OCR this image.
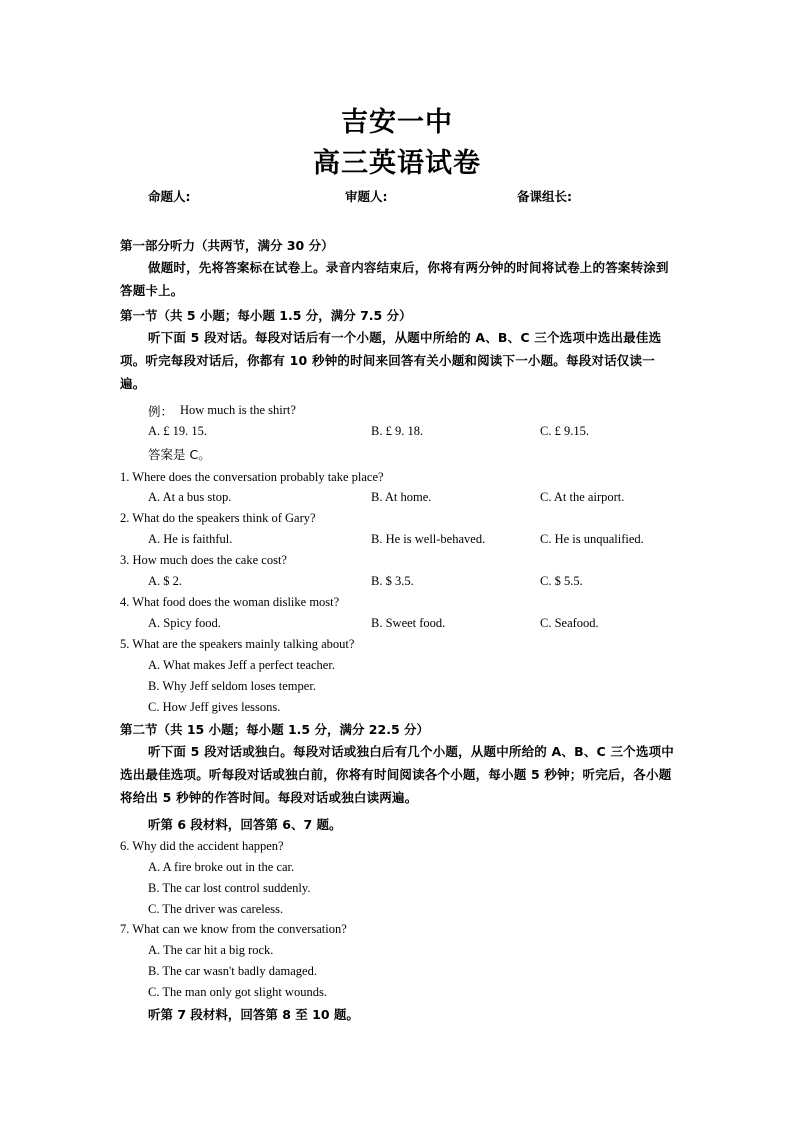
吉安一中
高三英语试卷
命题人:	审题人:	备课组长:
第一部分听力（共两节，满分 30 分）
做题时，先将答案标在试卷上。录音内容结束后，你将有两分钟的时间将试卷上的答案转涂到答题卡上。
第一节（共 5 小题；每小题 1.5 分，满分 7.5 分）
听下面 5 段对话。每段对话后有一个小题，从题中所给的 A、B、C 三个选项中选出最佳选项。听完每段对话后，你都有 10 秒钟的时间来回答有关小题和阅读下一小题。每段对话仅读一遍。
例： How much is the shirt?
A. £ 19. 15.	B. £ 9. 18.	C. £ 9.15.
答案是 C。
1. Where does the conversation probably take place?
A. At a bus stop.	B. At home.	C. At the airport.
2. What do the speakers think of Gary?
A. He is faithful.	B. He is well-behaved.	C. He is unqualified.
3. How much does the cake cost?
A. $ 2.	B. $ 3.5.	C. $ 5.5.
4. What food does the woman dislike most?
A. Spicy food.	B. Sweet food.	C. Seafood.
5. What are the speakers mainly talking about?
A. What makes Jeff a perfect teacher.
B. Why Jeff seldom loses temper.
C. How Jeff gives lessons.
第二节（共 15 小题；每小题 1.5 分，满分 22.5 分）
听下面 5 段对话或独白。每段对话或独白后有几个小题，从题中所给的 A、B、C 三个选项中选出最佳选项。听每段对话或独白前，你将有时间阅读各个小题，每小题 5 秒钟；听完后，各小题将给出 5 秒钟的作答时间。每段对话或独白读两遍。
听第 6 段材料，回答第 6、7 题。
6. Why did the accident happen?
A. A fire broke out in the car.
B. The car lost control suddenly.
C. The driver was careless.
7. What can we know from the conversation?
A. The car hit a big rock.
B. The car wasn't badly damaged.
C. The man only got slight wounds.
听第 7 段材料，回答第 8 至 10 题。
